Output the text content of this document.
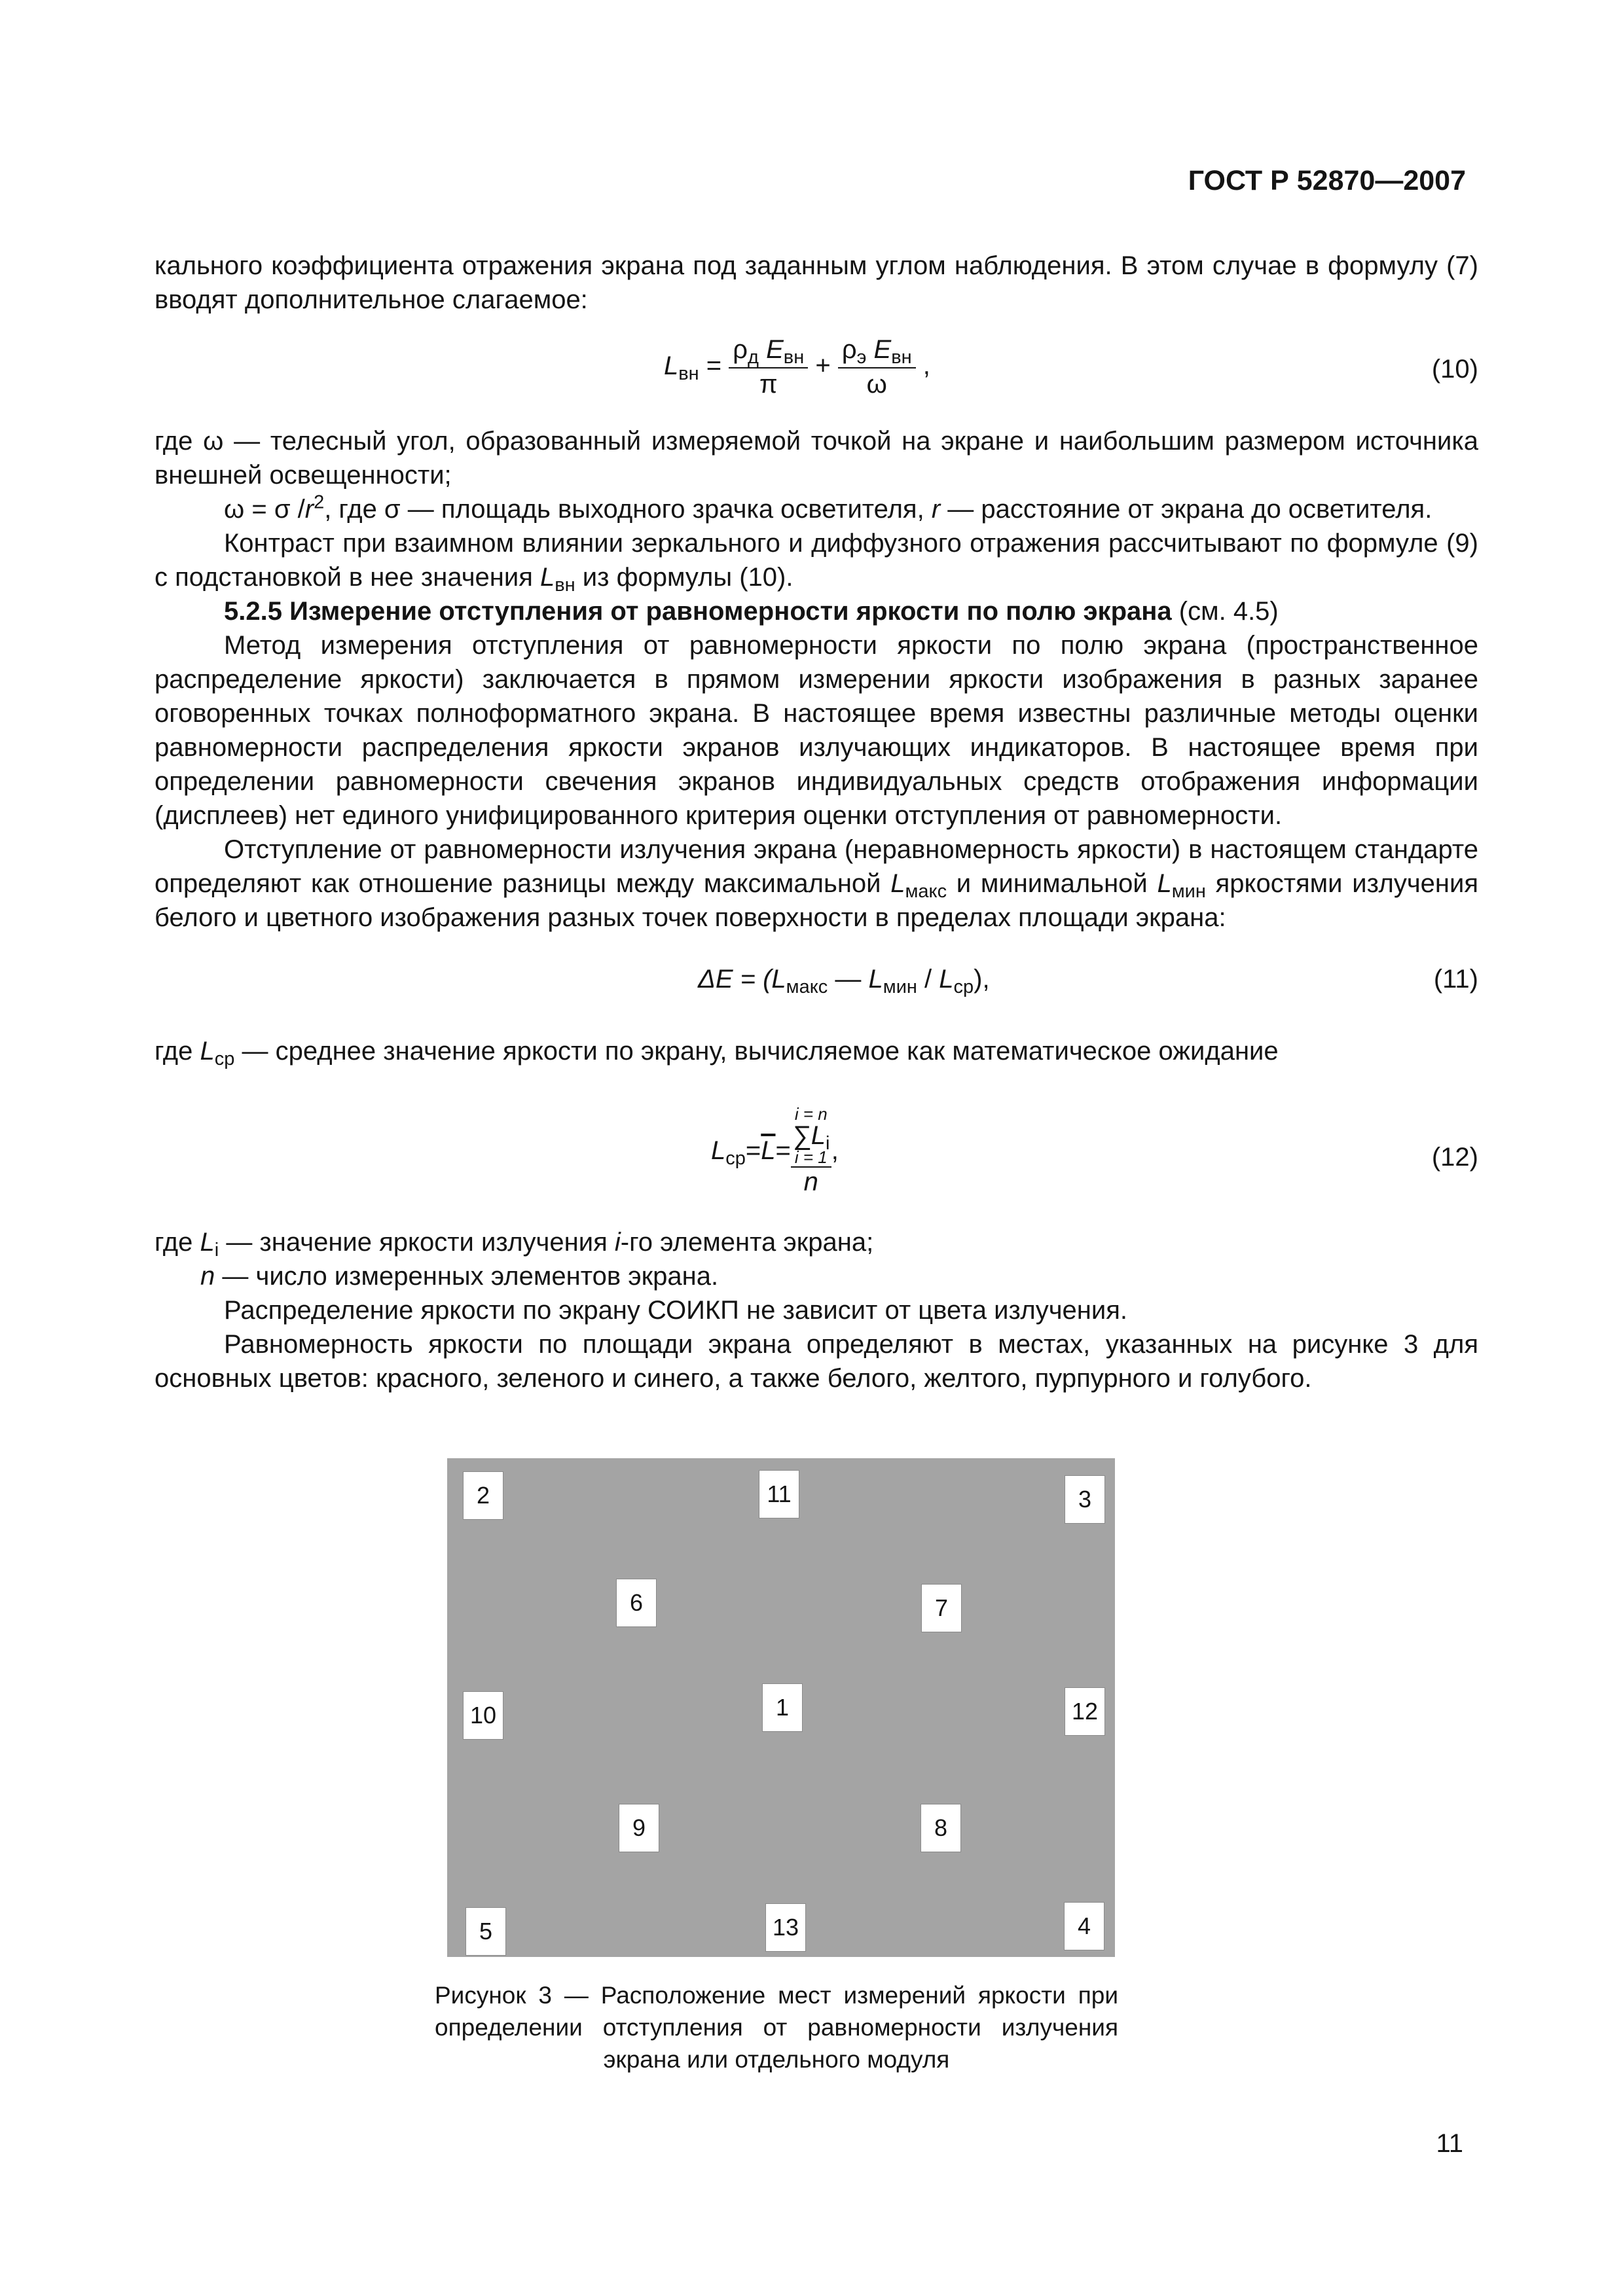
ГОСТ Р 52870—2007
кального коэффициента отражения экрана под заданным углом наблюдения. В этом случае в формулу (7) вводят дополнительное слагаемое:
$L_{вн} = \frac{\rho_д E_{вн}}{\pi} + \frac{\rho_э E_{вн}}{\omega}$ ,	(10)
где ω — телесный угол, образованный измеряемой точкой на экране и наибольшим размером источника внешней освещенности;

ω = σ $/r^2$, где σ — площадь выходного зрачка осветителя, r — расстояние от экрана до осветителя.

Контраст при взаимном влиянии зеркального и диффузного отражения рассчитывают по формуле (9) с подстановкой в нее значения $L_{вн}$ из формулы (10).

5.2.5 Измерение отступления от равномерности яркости по полю экрана (см. 4.5)

Метод измерения отступления от равномерности яркости по полю экрана (пространственное распределение яркости) заключается в прямом измерении яркости изображения в разных заранее оговоренных точках полноформатного экрана. В настоящее время известны различные методы оценки равномерности распределения яркости экранов излучающих индикаторов. В настоящее время при определении равномерности свечения экранов индивидуальных средств отображения информации (дисплеев) нет единого унифицированного критерия оценки отступления от равномерности.

Отступление от равномерности излучения экрана (неравномерность яркости) в настоящем стандарте определяют как отношение разницы между максимальной $L_{макс}$ и минимальной $L_{мин}$ яркостями излучения белого и цветного изображения разных точек поверхности в пределах площади экрана:

$\Delta E = (L_{макс}$ — $L_{мин} / L_{ср}$),	(11)

где $L_{ср}$ — среднее значение яркости по экрану, вычисляемое как математическое ожидание

$L_{ср} = \overline{L}$ =
i = n
$\sum L_i$
i = 1
n
,	(12)

где $L_i$ — значение яркости излучения i-го элемента экрана;

n — число измеренных элементов экрана.

Распределение яркости по экрану СОИКП не зависит от цвета излучения.

Равномерность яркости по площади экрана определяют в местах, указанных на рисунке 3 для основных цветов: красного, зеленого и синего, а также белого, желтого, пурпурного и голубого.

2	11	3
6	7
10	1	12
9	8
5	13	4
Рисунок 3 — Расположение мест измерений яркости при
определении отступления от равномерности излучения
экрана или отдельного модуля
11
